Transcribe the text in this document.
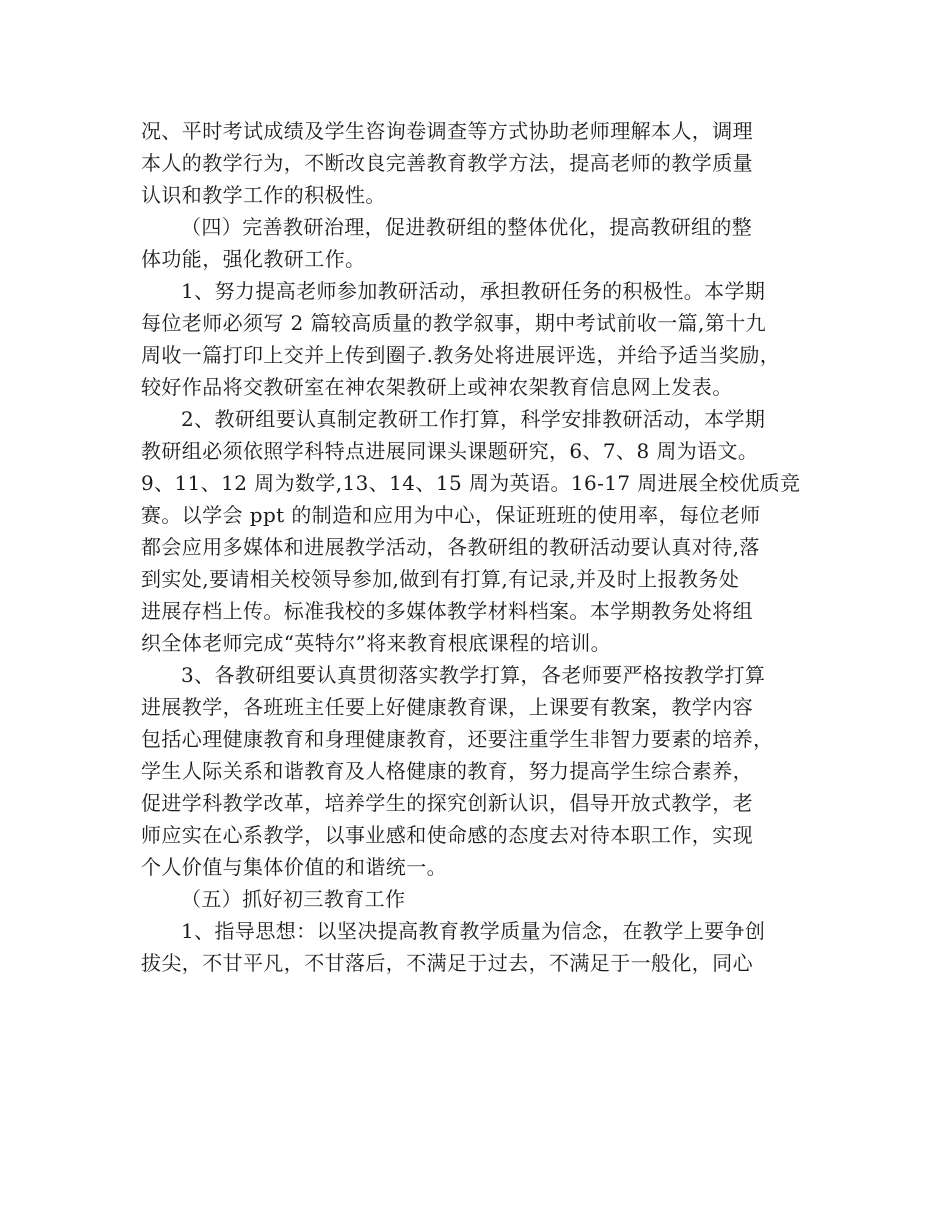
况、平时考试成绩及学生咨询卷调查等方式协助老师理解本人，调理
本人的教学行为，不断改良完善教育教学方法，提高老师的教学质量
认识和教学工作的积极性。
（四）完善教研治理，促进教研组的整体优化，提高教研组的整
体功能，强化教研工作。
1、努力提高老师参加教研活动，承担教研任务的积极性。本学期
每位老师必须写 2 篇较高质量的教学叙事，期中考试前收一篇,第十九
周收一篇打印上交并上传到圈子.教务处将进展评选，并给予适当奖励，
较好作品将交教研室在神农架教研上或神农架教育信息网上发表。
2、教研组要认真制定教研工作打算，科学安排教研活动，本学期
教研组必须依照学科特点进展同课头课题研究，6、7、8 周为语文。
9、11、12 周为数学,13、14、15 周为英语。16-17 周进展全校优质竞
赛。以学会 ppt 的制造和应用为中心，保证班班的使用率，每位老师
都会应用多媒体和进展教学活动，各教研组的教研活动要认真对待,落
到实处,要请相关校领导参加,做到有打算,有记录,并及时上报教务处
进展存档上传。标准我校的多媒体教学材料档案。本学期教务处将组
织全体老师完成“英特尔”将来教育根底课程的培训。
3、各教研组要认真贯彻落实教学打算，各老师要严格按教学打算
进展教学，各班班主任要上好健康教育课，上课要有教案，教学内容
包括心理健康教育和身理健康教育，还要注重学生非智力要素的培养，
学生人际关系和谐教育及人格健康的教育，努力提高学生综合素养，
促进学科教学改革，培养学生的探究创新认识，倡导开放式教学，老
师应实在心系教学，以事业感和使命感的态度去对待本职工作，实现
个人价值与集体价值的和谐统一。
（五）抓好初三教育工作
1、指导思想：以坚决提高教育教学质量为信念，在教学上要争创
拔尖，不甘平凡，不甘落后，不满足于过去，不满足于一般化，同心
